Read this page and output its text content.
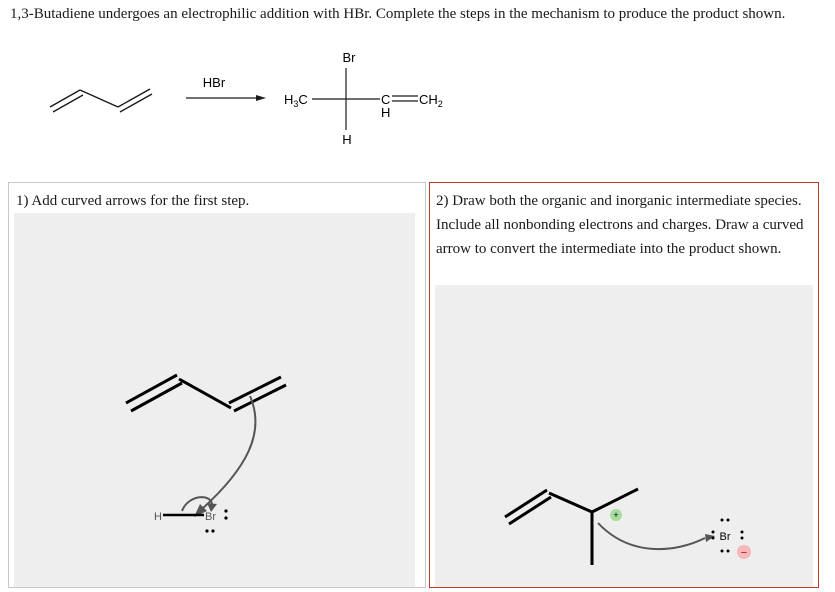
1,3-Butadiene undergoes an electrophilic addition with HBr. Complete the steps in the mechanism to produce the product shown.
HBr
$H_3C$
Br
H
C
H
$CH_2$
1) Add curved arrows for the first step.
H	Br
2) Draw both the organic and inorganic intermediate species. Include all nonbonding electrons and charges. Draw a curved arrow to convert the intermediate into the product shown.
+
Br
−
